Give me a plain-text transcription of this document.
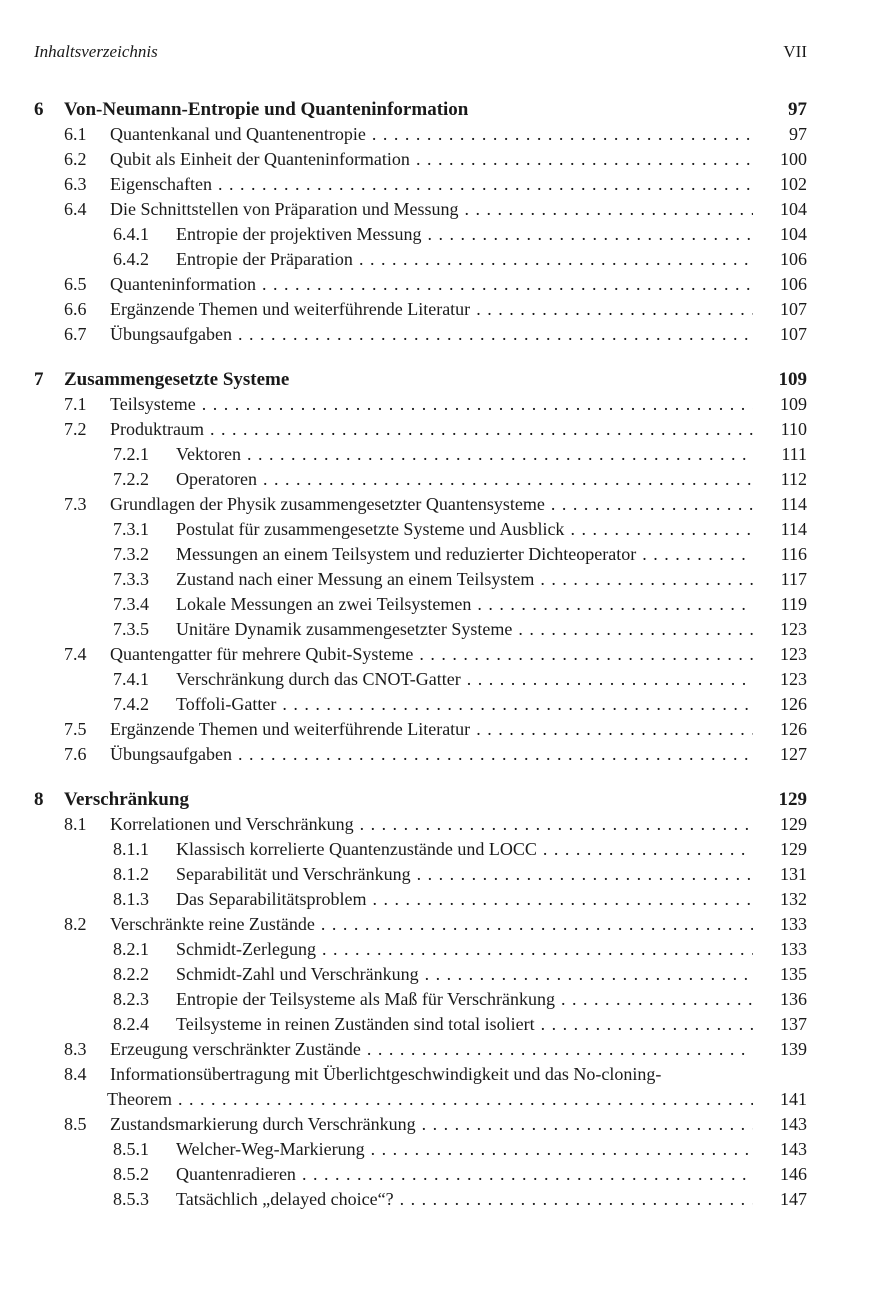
Inhaltsverzeichnis	VII
6 Von-Neumann-Entropie und Quanteninformation	97
6.1 Quantenkanal und Quantenentropie . . .	97
6.2 Qubit als Einheit der Quanteninformation . . .	100
6.3 Eigenschaften . . .	102
6.4 Die Schnittstellen von Präparation und Messung . . .	104
6.4.1 Entropie der projektiven Messung . . .	104
6.4.2 Entropie der Präparation . . .	106
6.5 Quanteninformation . . .	106
6.6 Ergänzende Themen und weiterführende Literatur . . .	107
6.7 Übungsaufgaben . . .	107
7 Zusammengesetzte Systeme	109
7.1 Teilsysteme . . .	109
7.2 Produktraum . . .	110
7.2.1 Vektoren . . .	111
7.2.2 Operatoren . . .	112
7.3 Grundlagen der Physik zusammengesetzter Quantensysteme . . .	114
7.3.1 Postulat für zusammengesetzte Systeme und Ausblick . . .	114
7.3.2 Messungen an einem Teilsystem und reduzierter Dichteoperator . . .	116
7.3.3 Zustand nach einer Messung an einem Teilsystem . . .	117
7.3.4 Lokale Messungen an zwei Teilsystemen . . .	119
7.3.5 Unitäre Dynamik zusammengesetzter Systeme . . .	123
7.4 Quantengatter für mehrere Qubit-Systeme . . .	123
7.4.1 Verschränkung durch das CNOT-Gatter . . .	123
7.4.2 Toffoli-Gatter . . .	126
7.5 Ergänzende Themen und weiterführende Literatur . . .	126
7.6 Übungsaufgaben . . .	127
8 Verschränkung	129
8.1 Korrelationen und Verschränkung . . .	129
8.1.1 Klassisch korrelierte Quantenzustände und LOCC . . .	129
8.1.2 Separabilität und Verschränkung . . .	131
8.1.3 Das Separabilitätsproblem . . .	132
8.2 Verschränkte reine Zustände . . .	133
8.2.1 Schmidt-Zerlegung . . .	133
8.2.2 Schmidt-Zahl und Verschränkung . . .	135
8.2.3 Entropie der Teilsysteme als Maß für Verschränkung . . .	136
8.2.4 Teilsysteme in reinen Zuständen sind total isoliert . . .	137
8.3 Erzeugung verschränkter Zustände . . .	139
8.4 Informationsübertragung mit Überlichtgeschwindigkeit und das No-cloning-
Theorem . . .	141
8.5 Zustandsmarkierung durch Verschränkung . . .	143
8.5.1 Welcher-Weg-Markierung . . .	143
8.5.2 Quantenradieren . . .	146
8.5.3 Tatsächlich „delayed choice“? . . .	147
